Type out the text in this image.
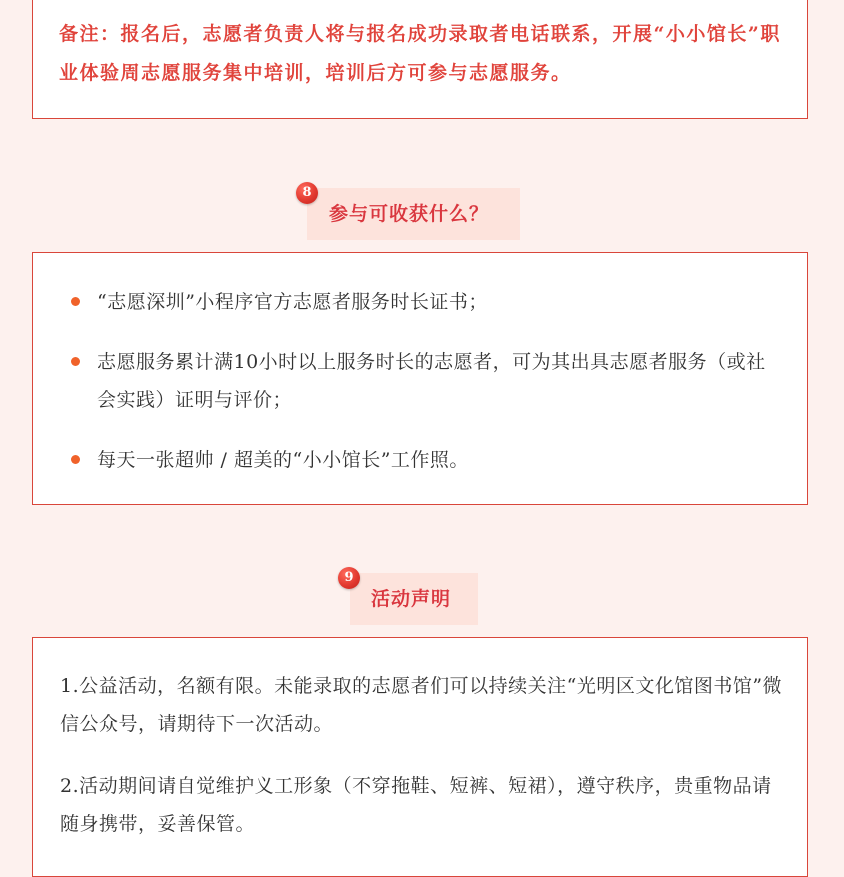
备注：报名后，志愿者负责人将与报名成功录取者电话联系，开展“小小馆长”职业体验周志愿服务集中培训，培训后方可参与志愿服务。

8
参与可收获什么？
“志愿深圳”小程序官方志愿者服务时长证书；
志愿服务累计满10小时以上服务时长的志愿者，可为其出具志愿者服务（或社会实践）证明与评价；
每天一张超帅 / 超美的“小小馆长”工作照。
9
活动声明

1.公益活动，名额有限。未能录取的志愿者们可以持续关注“光明区文化馆图书馆”微信公众号，请期待下一次活动。

2.活动期间请自觉维护义工形象（不穿拖鞋、短裤、短裙），遵守秩序，贵重物品请随身携带，妥善保管。
